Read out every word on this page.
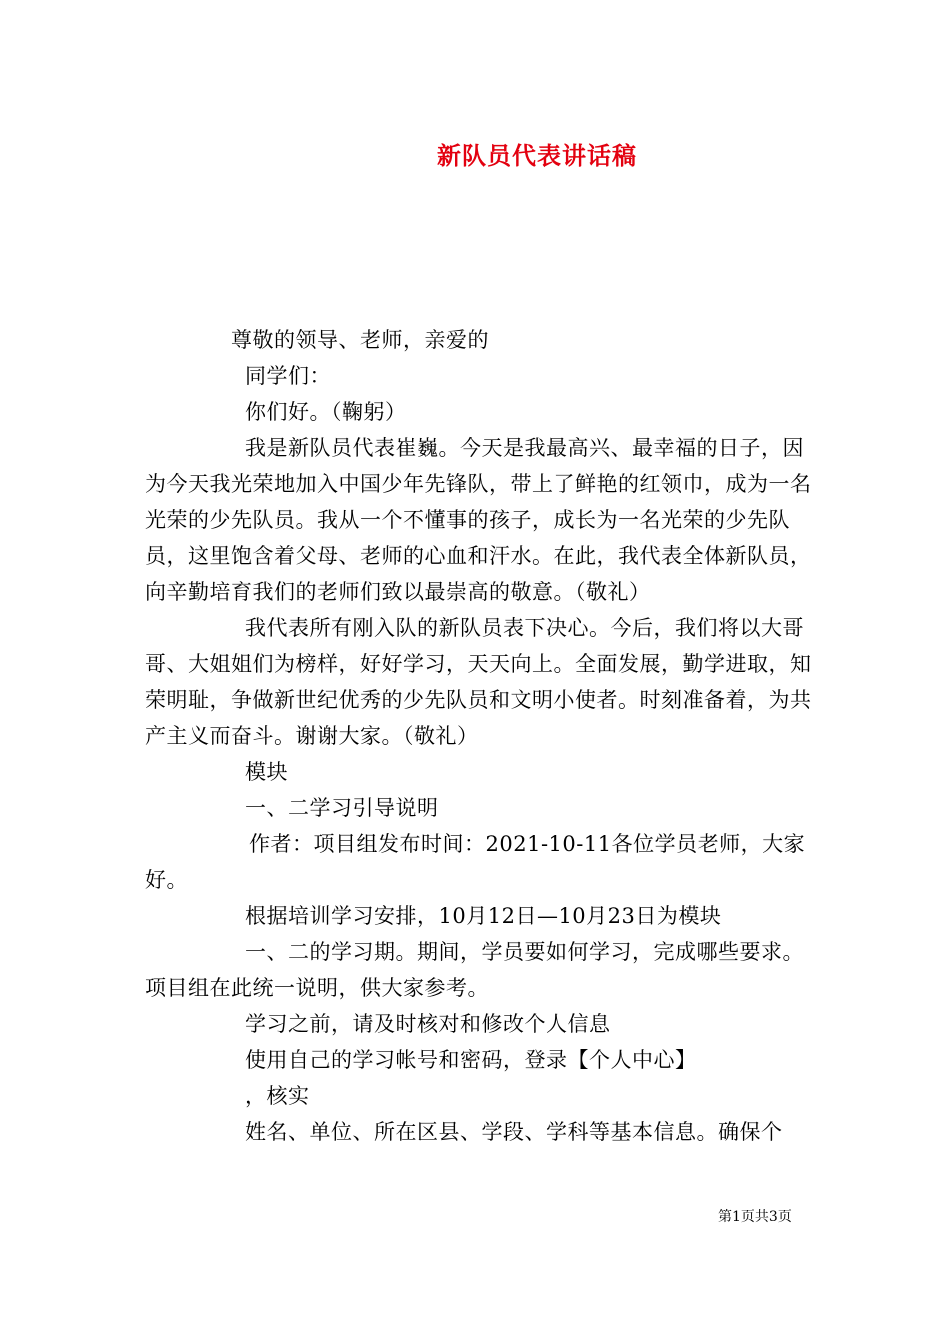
新队员代表讲话稿

尊敬的领导、老师，亲爱的

同学们：

你们好。（鞠躬）

我是新队员代表崔巍。今天是我最高兴、最幸福的日子，因为今天我光荣地加入中国少年先锋队，带上了鲜艳的红领巾，成为一名光荣的少先队员。我从一个不懂事的孩子，成长为一名光荣的少先队员，这里饱含着父母、老师的心血和汗水。在此，我代表全体新队员，向辛勤培育我们的老师们致以最崇高的敬意。（敬礼）

我代表所有刚入队的新队员表下决心。今后，我们将以大哥哥、大姐姐们为榜样，好好学习，天天向上。全面发展，勤学进取，知荣明耻，争做新世纪优秀的少先队员和文明小使者。时刻准备着，为共产主义而奋斗。谢谢大家。（敬礼）

模块

一、二学习引导说明

作者：项目组发布时间：2021-10-11各位学员老师，大家好。

根据培训学习安排，10月12日—10月23日为模块

一、二的学习期。期间，学员要如何学习，完成哪些要求。项目组在此统一说明，供大家参考。

学习之前，请及时核对和修改个人信息

使用自己的学习帐号和密码，登录【个人中心】

，核实

姓名、单位、所在区县、学段、学科等基本信息。确保个

第1页共3页
